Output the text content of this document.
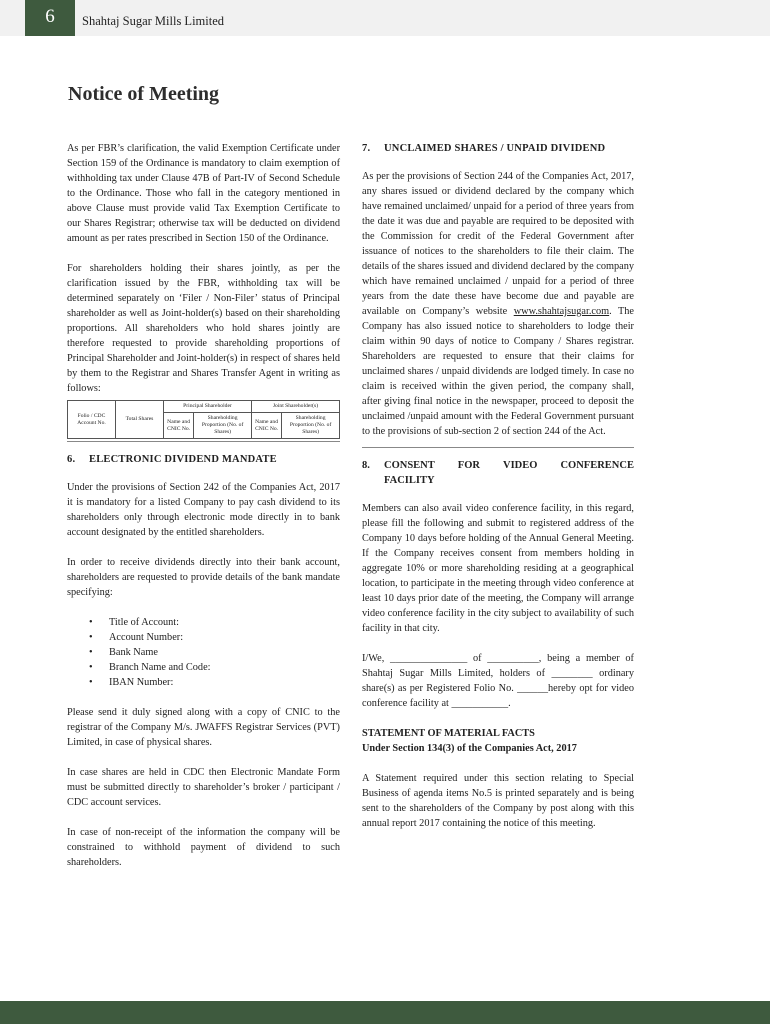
6	Shahtaj Sugar Mills Limited
Notice of Meeting

As per FBR’s clarification, the valid Exemption Certificate under Section 159 of the Ordinance is mandatory to claim exemption of withholding tax under Clause 47B of Part-IV of Second Schedule to the Ordinance. Those who fall in the category mentioned in above Clause must provide valid Tax Exemption Certificate to our Shares Registrar; otherwise tax will be deducted on dividend amount as per rates prescribed in Section 150 of the Ordinance.

For shareholders holding their shares jointly, as per the clarification issued by the FBR, withholding tax will be determined separately on ‘Filer / Non-Filer’ status of Principal shareholder as well as Joint-holder(s) based on their shareholding proportions. All shareholders who hold shares jointly are therefore requested to provide shareholding proportions of Principal Shareholder and Joint-holder(s) in respect of shares held by them to the Registrar and Shares Transfer Agent in writing as follows:

Folio / CDC Account No.	Total Shares	Principal Shareholder		Joint Shareholder(s)	
		Name and CNIC No.	Shareholding Proportion (No. of Shares)	Name and CNIC No.	Shareholding Proportion (No. of Shares)
6.	ELECTRONIC DIVIDEND MANDATE

Under the provisions of Section 242 of the Companies Act, 2017 it is mandatory for a listed Company to pay cash dividend to its shareholders only through electronic mode directly in to bank account designated by the entitled shareholders.

In order to receive dividends directly into their bank account, shareholders are requested to provide details of the bank mandate specifying:

• Title of Account:
• Account Number:
• Bank Name
• Branch Name and Code:
• IBAN Number:

Please send it duly signed along with a copy of CNIC to the registrar of the Company M/s. JWAFFS Registrar Services (PVT) Limited, in case of physical shares.

In case shares are held in CDC then Electronic Mandate Form must be submitted directly to shareholder’s broker / participant / CDC account services.

In case of non-receipt of the information the company will be constrained to withhold payment of dividend to such shareholders.

7.	UNCLAIMED SHARES / UNPAID DIVIDEND

As per the provisions of Section 244 of the Companies Act, 2017, any shares issued or dividend declared by the company which have remained unclaimed/ unpaid for a period of three years from the date it was due and payable are required to be deposited with the Commission for credit of the Federal Government after issuance of notices to the shareholders to file their claim. The details of the shares issued and dividend declared by the company which have remained unclaimed / unpaid for a period of three years from the date these have become due and payable are available on Company’s website www.shahtajsugar.com. The Company has also issued notice to shareholders to lodge their claim within 90 days of notice to Company / Shares registrar. Shareholders are requested to ensure that their claims for unclaimed shares / unpaid dividends are lodged timely. In case no claim is received within the given period, the company shall, after giving final notice in the newspaper, proceed to deposit the unclaimed /unpaid amount with the Federal Government pursuant to the provisions of sub-section 2 of section 244 of the Act.

8.	CONSENT FOR VIDEO CONFERENCE
FACILITY

Members can also avail video conference facility, in this regard, please fill the following and submit to registered address of the Company 10 days before holding of the Annual General Meeting. If the Company receives consent from members holding in aggregate 10% or more shareholding residing at a geographical location, to participate in the meeting through video conference at least 10 days prior date of the meeting, the Company will arrange video conference facility in the city subject to availability of such facility in that city.

I/We, _______________ of __________, being a member of Shahtaj Sugar Mills Limited, holders of ________ ordinary share(s) as per Registered Folio No. ______hereby opt for video conference facility at ___________.

STATEMENT OF MATERIAL FACTS
Under Section 134(3) of the Companies Act, 2017

A Statement required under this section relating to Special Business of agenda items No.5 is printed separately and is being sent to the shareholders of the Company by post along with this annual report 2017 containing the notice of this meeting.
